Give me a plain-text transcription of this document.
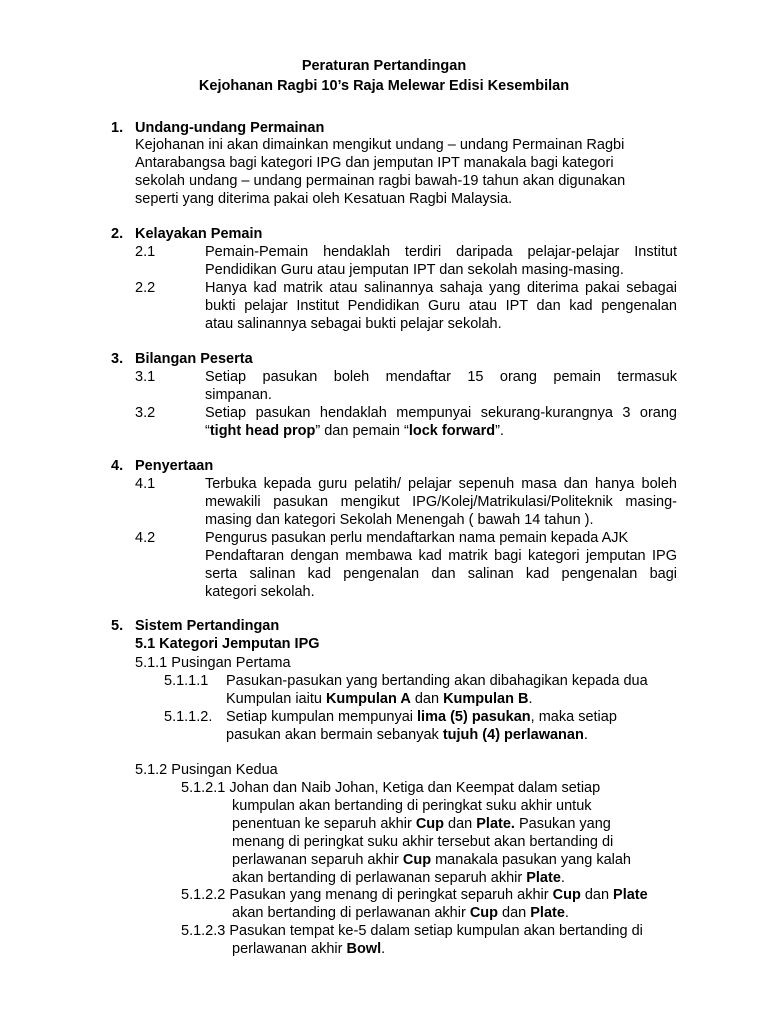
Peraturan Pertandingan
Kejohanan Ragbi 10’s Raja Melewar Edisi Kesembilan
1. Undang-undang Permainan
Kejohanan ini akan dimainkan mengikut undang – undang Permainan Ragbi
Antarabangsa bagi kategori IPG dan jemputan IPT manakala bagi kategori
sekolah undang – undang permainan ragbi bawah-19 tahun akan digunakan
seperti yang diterima pakai oleh Kesatuan Ragbi Malaysia.
2. Kelayakan Pemain
2.1	Pemain-Pemain hendaklah terdiri daripada pelajar-pelajar Institut
Pendidikan Guru atau jemputan IPT dan sekolah masing-masing.
2.2	Hanya kad matrik atau salinannya sahaja yang diterima pakai sebagai
bukti pelajar Institut Pendidikan Guru atau IPT dan kad pengenalan
atau salinannya sebagai bukti pelajar sekolah.
3. Bilangan Peserta
3.1	Setiap pasukan boleh mendaftar 15 orang pemain termasuk
simpanan.
3.2	Setiap pasukan hendaklah mempunyai sekurang-kurangnya 3 orang
“tight head prop” dan pemain “lock forward”.
4. Penyertaan
4.1	Terbuka kepada guru pelatih/ pelajar sepenuh masa dan hanya boleh
mewakili pasukan mengikut IPG/Kolej/Matrikulasi/Politeknik masing-
masing dan kategori Sekolah Menengah ( bawah 14 tahun ).
4.2	Pengurus pasukan perlu mendaftarkan nama pemain kepada AJK
Pendaftaran dengan membawa kad matrik bagi kategori jemputan IPG
serta salinan kad pengenalan dan salinan kad pengenalan bagi
kategori sekolah.
5. Sistem Pertandingan
5.1 Kategori Jemputan IPG
5.1.1 Pusingan Pertama
5.1.1.1 Pasukan-pasukan yang bertanding akan dibahagikan kepada dua
Kumpulan iaitu Kumpulan A dan Kumpulan B.
5.1.1.2. Setiap kumpulan mempunyai lima (5) pasukan, maka setiap
pasukan akan bermain sebanyak tujuh (4) perlawanan.
5.1.2 Pusingan Kedua
5.1.2.1 Johan dan Naib Johan, Ketiga dan Keempat dalam setiap
kumpulan akan bertanding di peringkat suku akhir untuk
penentuan ke separuh akhir Cup dan Plate. Pasukan yang
menang di peringkat suku akhir tersebut akan bertanding di
perlawanan separuh akhir Cup manakala pasukan yang kalah
akan bertanding di perlawanan separuh akhir Plate.
5.1.2.2 Pasukan yang menang di peringkat separuh akhir Cup dan Plate
akan bertanding di perlawanan akhir Cup dan Plate.
5.1.2.3 Pasukan tempat ke-5 dalam setiap kumpulan akan bertanding di
perlawanan akhir Bowl.
